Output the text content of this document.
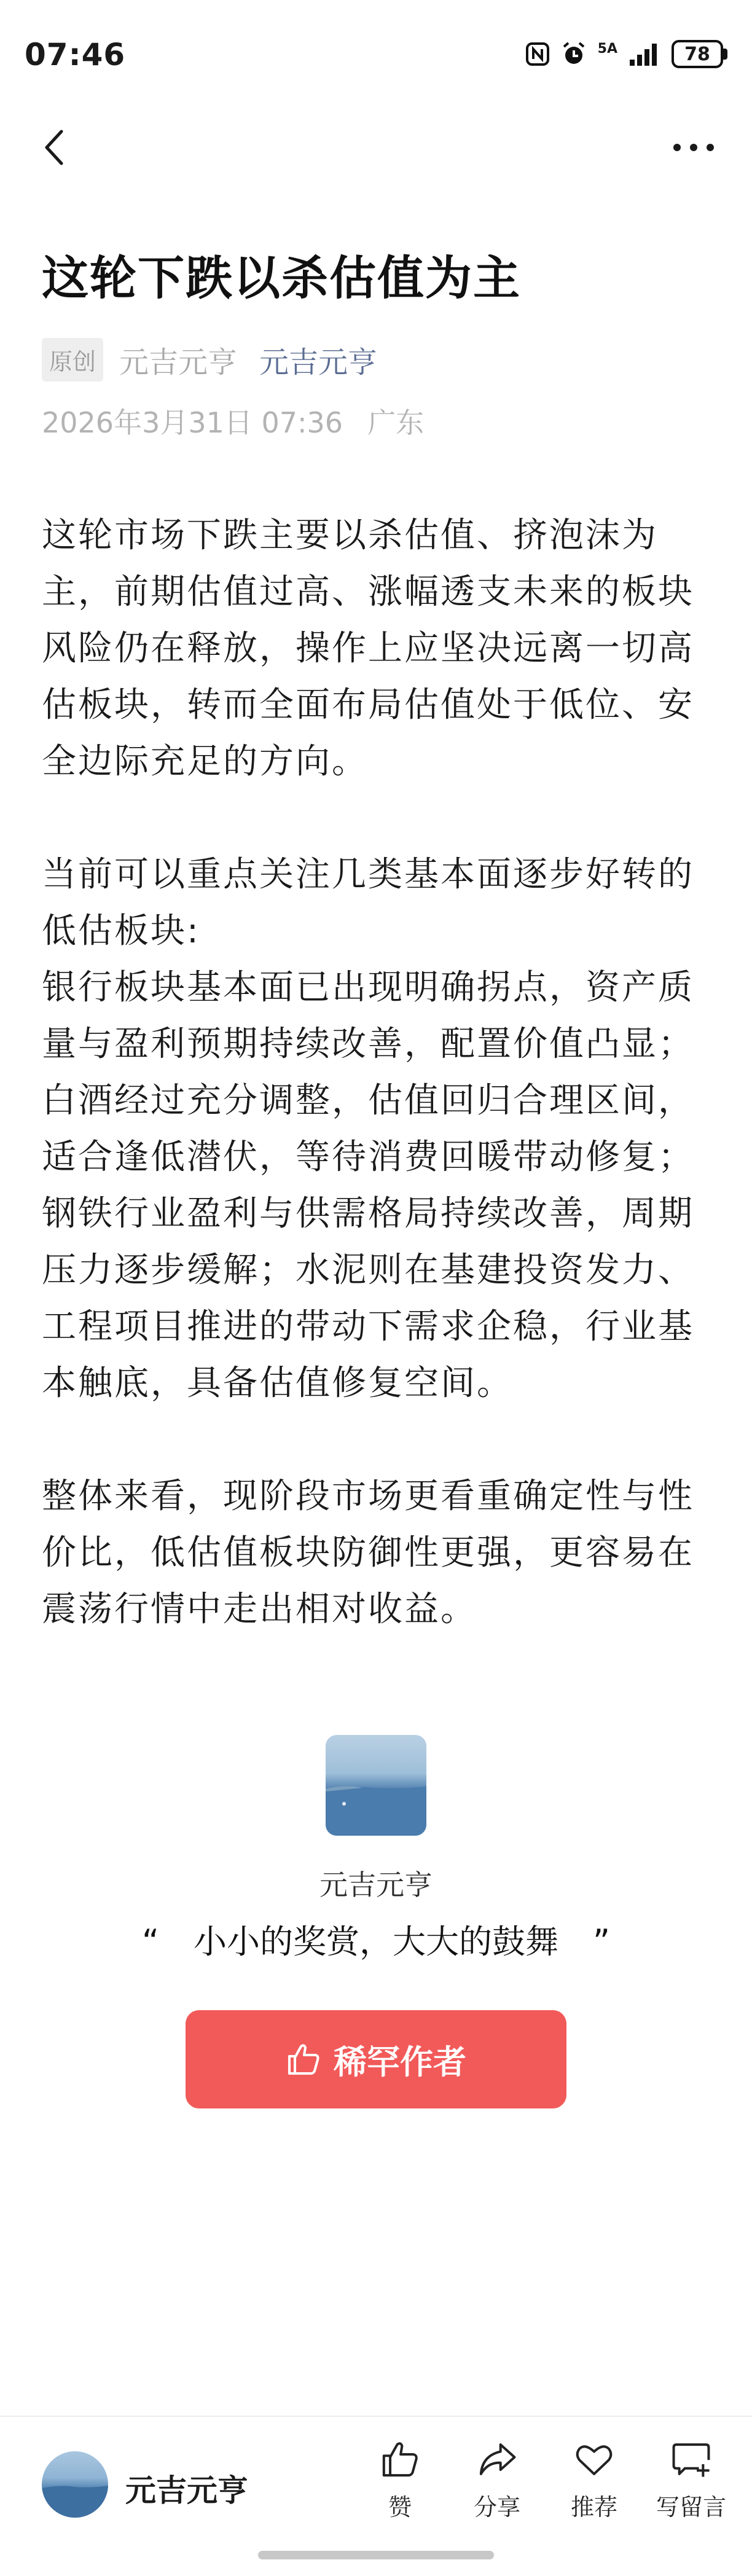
07:46	5A	78
这轮下跌以杀估值为主
原创 元吉元亨 元吉元亨
2026年3月31日 07:36 广东

这轮市场下跌主要以杀估值、挤泡沫为主，前期估值过高、涨幅透支未来的板块风险仍在释放，操作上应坚决远离一切高估板块，转而全面布局估值处于低位、安全边际充足的方向。

当前可以重点关注几类基本面逐步好转的低估板块:

银行板块基本面已出现明确拐点，资产质量与盈利预期持续改善，配置价值凸显；

白酒经过充分调整，估值回归合理区间，适合逢低潜伏，等待消费回暖带动修复；

钢铁行业盈利与供需格局持续改善，周期压力逐步缓解；水泥则在基建投资发力、工程项目推进的带动下需求企稳，行业基本触底，具备估值修复空间。

整体来看，现阶段市场更看重确定性与性价比，低估值板块防御性更强，更容易在震荡行情中走出相对收益。

元吉元亨
“ 小小的奖赏，大大的鼓舞 ”
稀罕作者
元吉元亨	赞	分享 推荐 写留言
